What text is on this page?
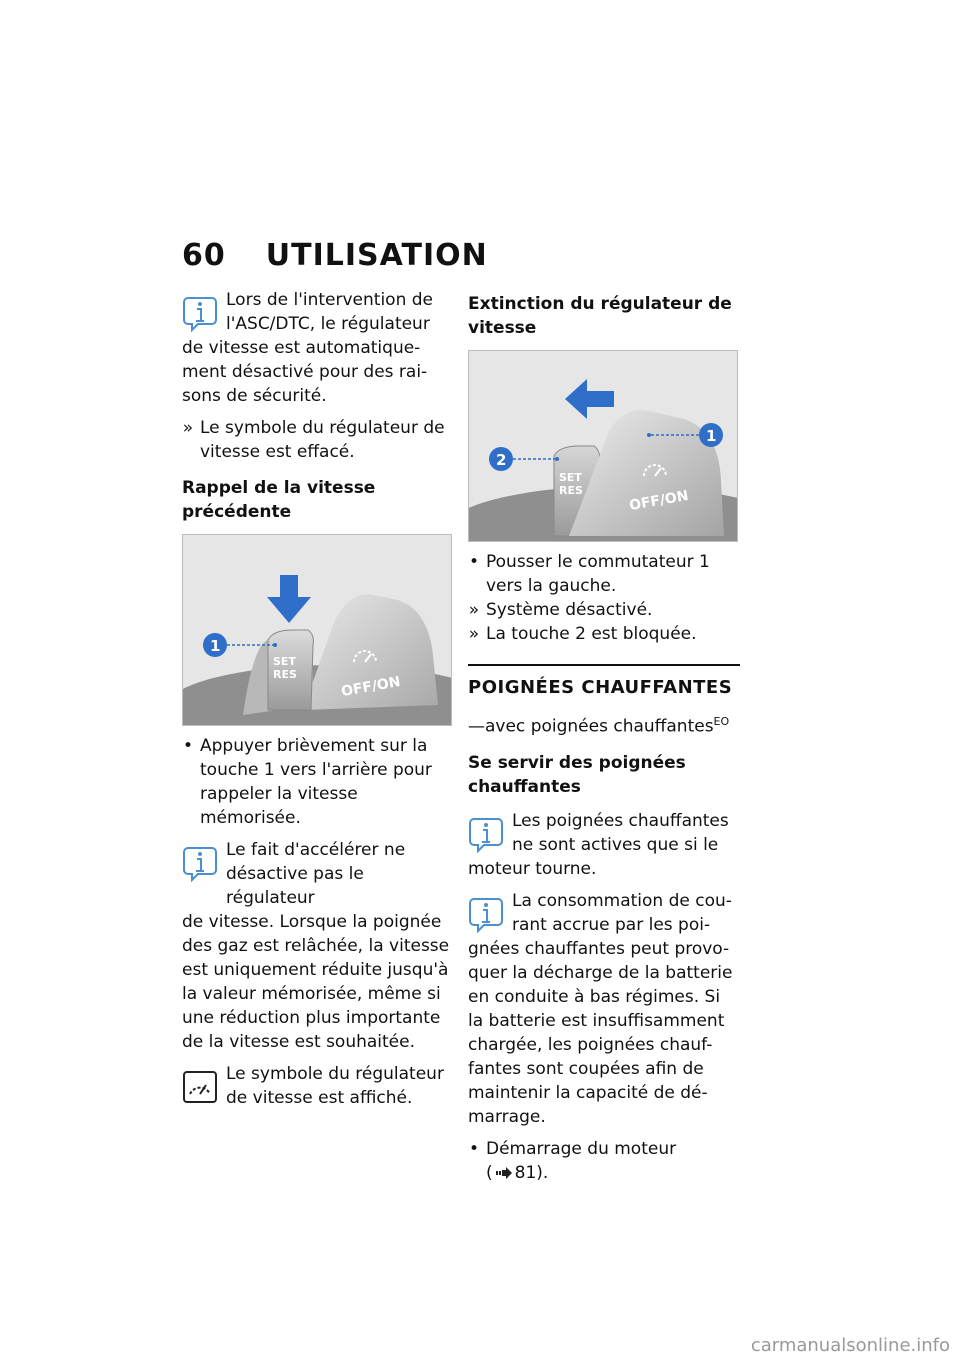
60 UTILISATION

Lors de l'intervention de

l'ASC/DTC, le régulateur

de vitesse est automatique-

ment désactivé pour des rai-

sons de sécurité.

» Le symbole du régulateur de
vitesse est effacé.
Rappel de la vitesse
précédente
1
SET
RES	OFF/ON
• Appuyer brièvement sur la
touche 1 vers l'arrière pour
rappeler la vitesse mémorisée.

Le fait d'accélérer ne

désactive pas le régulateur

de vitesse. Lorsque la poignée

des gaz est relâchée, la vitesse

est uniquement réduite jusqu'à

la valeur mémorisée, même si

une réduction plus importante

de la vitesse est souhaitée.

Le symbole du régulateur

de vitesse est affiché.

Extinction du régulateur de
vitesse
2
1
SET
RES	OFF/ON
• Pousser le commutateur 1
vers la gauche.
» Système désactivé.
» La touche 2 est bloquée.
POIGNÉES CHAUFFANTES
—avec poignées chauffantes$^{EO}$
Se servir des poignées
chauffantes

Les poignées chauffantes

ne sont actives que si le

moteur tourne.

La consommation de cou-

rant accrue par les poi-

gnées chauffantes peut provo-

quer la décharge de la batterie

en conduite à bas régimes. Si

la batterie est insuffisamment

chargée, les poignées chauf-

fantes sont coupées afin de

maintenir la capacité de dé-

marrage.

• Démarrage du moteur
( 81).
carmanualsonline.info
